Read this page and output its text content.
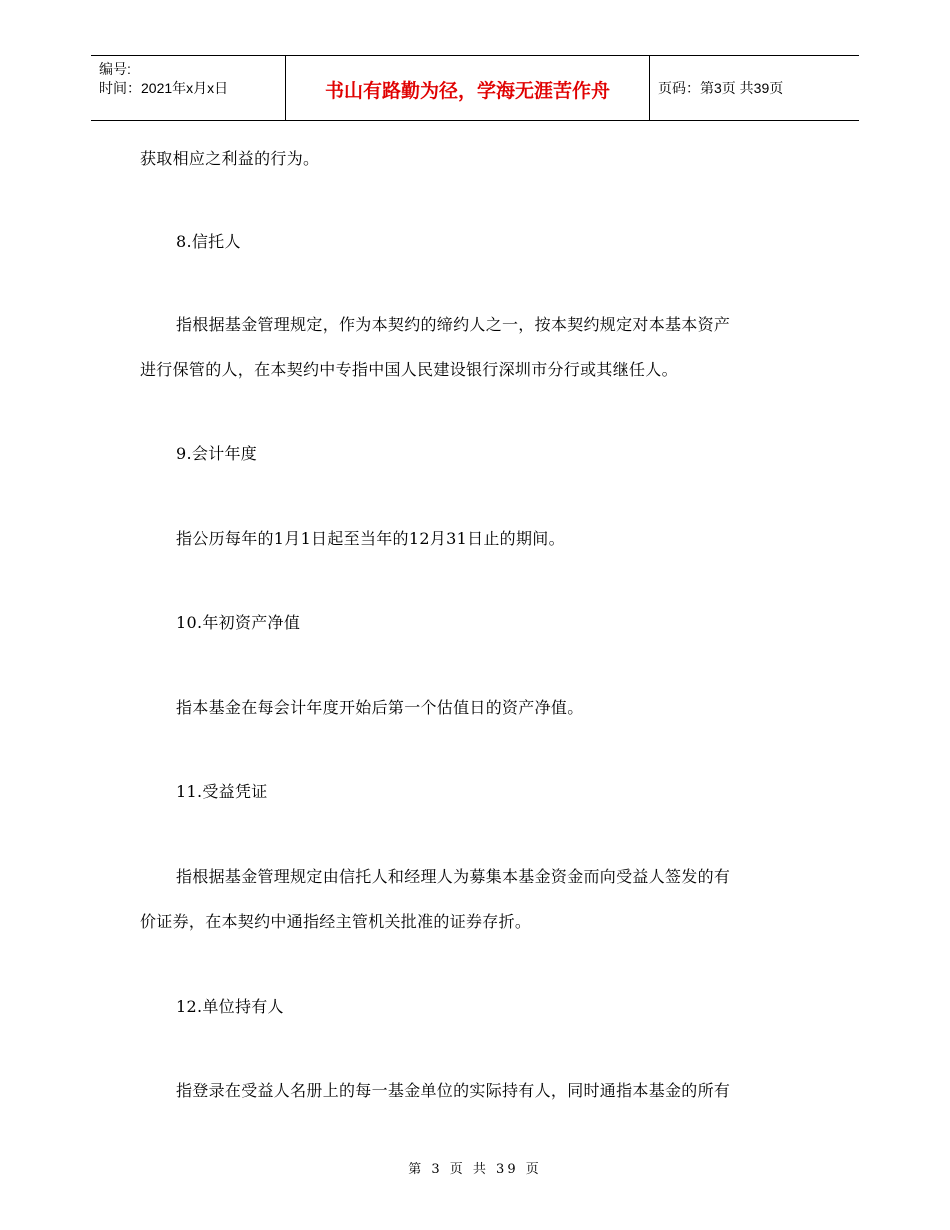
编号:
时间：2021年x月x日	书山有路勤为径，学海无涯苦作舟	页码：第3页 共39页
获取相应之利益的行为。
8.信托人
指根据基金管理规定，作为本契约的缔约人之一，按本契约规定对本基本资产
进行保管的人，在本契约中专指中国人民建设银行深圳市分行或其继任人。
9.会计年度
指公历每年的1月1日起至当年的12月31日止的期间。
10.年初资产净值
指本基金在每会计年度开始后第一个估值日的资产净值。
11.受益凭证
指根据基金管理规定由信托人和经理人为募集本基金资金而向受益人签发的有
价证券，在本契约中通指经主管机关批准的证券存折。
12.单位持有人
指登录在受益人名册上的每一基金单位的实际持有人，同时通指本基金的所有
第 3 页 共 39 页
